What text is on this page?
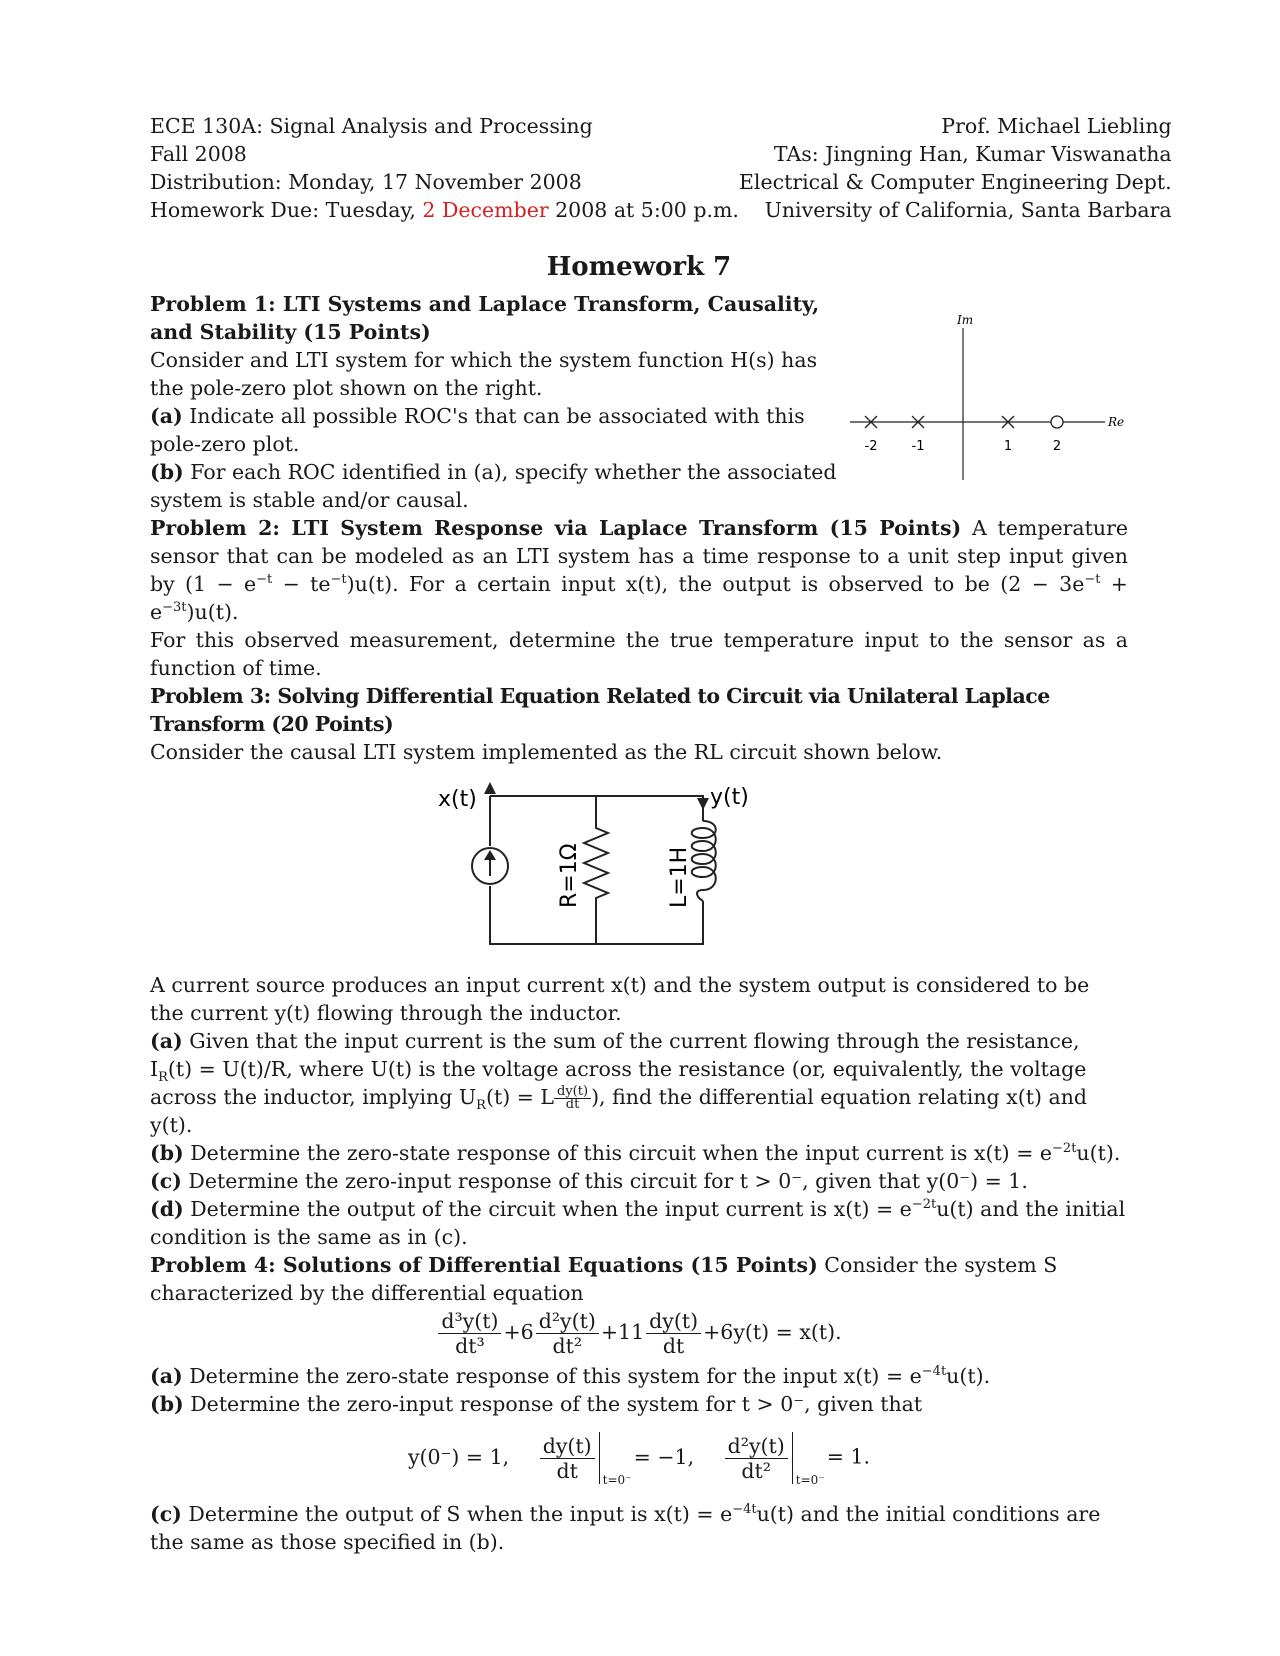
ECE 130A: Signal Analysis and Processing
Fall 2008
Distribution: Monday, 17 November 2008
Homework Due: Tuesday, 2 December 2008 at 5:00 p.m.
Prof. Michael Liebling
TAs: Jingning Han, Kumar Viswanatha
Electrical & Computer Engineering Dept.
University of California, Santa Barbara
Homework 7

Problem 1: LTI Systems and Laplace Transform, Causality, and Stability (15 Points)

Consider and LTI system for which the system function H(s) has the pole-zero plot shown on the right.

(a) Indicate all possible ROC's that can be associated with this pole-zero plot.

(b) For each ROC identified in (a), specify whether the associated system is stable and/or causal.

Im
Re
-2	-1	1	2

Problem 2: LTI System Response via Laplace Transform (15 Points) A temperature sensor that can be modeled as an LTI system has a time response to a unit step input given by $(1 - e^{-t} - te^{-t})u(t)$. For a certain input x(t), the output is observed to be $(2 - 3e^{-t} + e^{-3t})u(t)$.

For this observed measurement, determine the true temperature input to the sensor as a function of time.

Problem 3: Solving Differential Equation Related to Circuit via Unilateral Laplace Transform (20 Points)

Consider the causal LTI system implemented as the RL circuit shown below.

x(t)
R=1Ω	L=1H
y(t)

A current source produces an input current x(t) and the system output is considered to be the current y(t) flowing through the inductor.

(a) Given that the input current is the sum of the current flowing through the resistance, $I_R(t) = U(t)/R$, where U(t) is the voltage across the resistance (or, equivalently, the voltage across the inductor, implying $U_R(t) = L \frac{dy(t)}{dt}$ ), find the differential equation relating x(t) and y(t).

(b) Determine the zero-state response of this circuit when the input current is $x(t) = e^{-2t}u(t)$.

(c) Determine the zero-input response of this circuit for t > 0⁻, given that y(0⁻) = 1.

(d) Determine the output of the circuit when the input current is $x(t) = e^{-2t}u(t)$ and the initial condition is the same as in (c).

Problem 4: Solutions of Differential Equations (15 Points) Consider the system S characterized by the differential equation

$\frac{\text{d³y(t)}}{\text{dt³}} +6 \frac{\text{d²y(t)}}{\text{dt²}} +11 \frac{dy(t)}{dt} +6y(t) = x(t)$.

(a) Determine the zero-state response of this system for the input $x(t) = e^{-4t}u(t)$.

(b) Determine the zero-input response of the system for t > 0⁻, given that

y(0⁻) = 1, $\frac{dy(t)}{dt} t=0^-$
= −1, $\frac{\text{d²y(t)}}{\text{dt²}} t=0^-$
= 1.

(c) Determine the output of S when the input is $x(t) = e^{-4t}u(t)$ and the initial conditions are the same as those specified in (b).
